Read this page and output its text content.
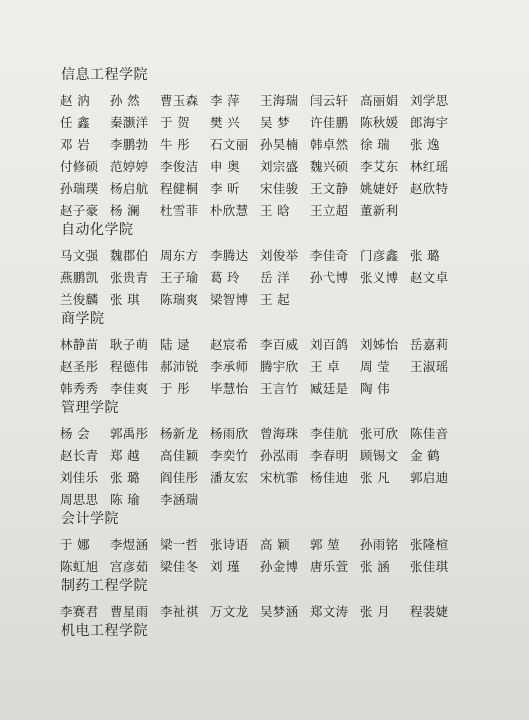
信息工程学院
赵 汭	孙 然	曹玉森 李 萍	王海瑞 闫云轩 高丽娟 刘学思
任 鑫	秦灏洋 于 贺	樊 兴	吴 梦	许佳鹏 陈秋媛 郎海宇
邓 岩	李鹏勃 牛 彤	石文丽 孙昊楠 韩卓然 徐 瑞	张 逸
付修硕 范婷婷 李俊洁 申 奥	刘宗盛 魏兴硕 李艾东 林红瑶
孙瑞璞 杨启航 程健桐 李 昕	宋佳骏 王文静 姚婕妤 赵欣特
赵子豪 杨 澜	杜雪菲 朴欣慧 王 晗	王立超 董新利
自动化学院
马文强 魏郡伯 周东方 李腾达 刘俊举 李佳奇 门彦鑫 张 璐
燕鹏凯 张贵青 王子瑜 葛 玲	岳 洋	孙弋博 张义博 赵文卓
兰俊麟 张 琪	陈瑞爽 梁智博 王 起
商学院
林静苗 耿子萌 陆 逯	赵宸希 李百威 刘百鸽 刘姊怡 岳嘉莉
赵圣彤 程德伟 郝沛锐 李承师 腾宇欣 王 卓	周 莹	王淑瑶
韩秀秀 李佳爽 于 彤	毕慧怡 王言竹 臧廷是 陶 伟
管理学院
杨 会	郭禹彤 杨新龙 杨雨欣 曾海珠 李佳航 张可欣 陈佳音
赵长青 郑 越	高佳颖 李奕竹 孙泓雨 李春明 顾锡文 金 鹤
刘佳乐 张 璐	阎佳彤 潘友宏 宋杭霏 杨佳迪 张 凡	郭启迪
周思思 陈 瑜	李涵瑞
会计学院
于 娜	李煜涵 梁一哲 张诗语 高 颖	郭 堃	孙雨铭 张隆楦
陈虹旭 宫彦茹 梁佳冬 刘 瑾	孙金博 唐乐萱 张 涵	张佳琪
制药工程学院
李赛君 曹星雨 李祉祺 万文龙 吴梦涵 郑文涛 张 月	程裴婕
机电工程学院
